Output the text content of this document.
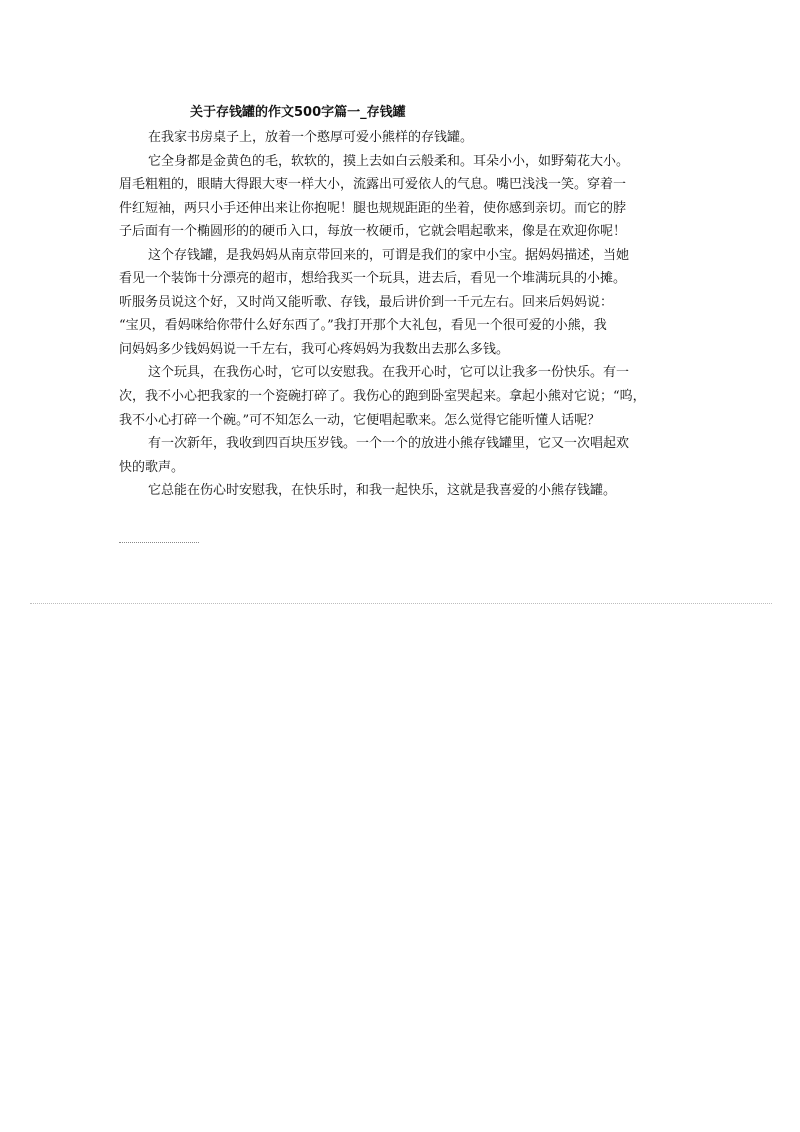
关于存钱罐的作文500字篇一_存钱罐
在我家书房桌子上，放着一个憨厚可爱小熊样的存钱罐。
它全身都是金黄色的毛，软软的，摸上去如白云般柔和。耳朵小小，如野菊花大小。
眉毛粗粗的，眼睛大得跟大枣一样大小，流露出可爱依人的气息。嘴巴浅浅一笑。穿着一
件红短袖，两只小手还伸出来让你抱呢！腿也规规距距的坐着，使你感到亲切。而它的脖
子后面有一个椭圆形的的硬币入口，每放一枚硬币，它就会唱起歌来，像是在欢迎你呢！
这个存钱罐，是我妈妈从南京带回来的，可谓是我们的家中小宝。据妈妈描述，当她
看见一个装饰十分漂亮的超市，想给我买一个玩具，进去后，看见一个堆满玩具的小摊。
听服务员说这个好，又时尚又能听歌、存钱，最后讲价到一千元左右。回来后妈妈说：
“宝贝，看妈咪给你带什么好东西了。”我打开那个大礼包，看见一个很可爱的小熊，我
问妈妈多少钱妈妈说一千左右，我可心疼妈妈为我数出去那么多钱。
这个玩具，在我伤心时，它可以安慰我。在我开心时，它可以让我多一份快乐。有一
次，我不小心把我家的一个瓷碗打碎了。我伤心的跑到卧室哭起来。拿起小熊对它说；“呜，
我不小心打碎一个碗。”可不知怎么一动，它便唱起歌来。怎么觉得它能听懂人话呢？
有一次新年，我收到四百块压岁钱。一个一个的放进小熊存钱罐里，它又一次唱起欢
快的歌声。
它总能在伤心时安慰我，在快乐时，和我一起快乐，这就是我喜爱的小熊存钱罐。
